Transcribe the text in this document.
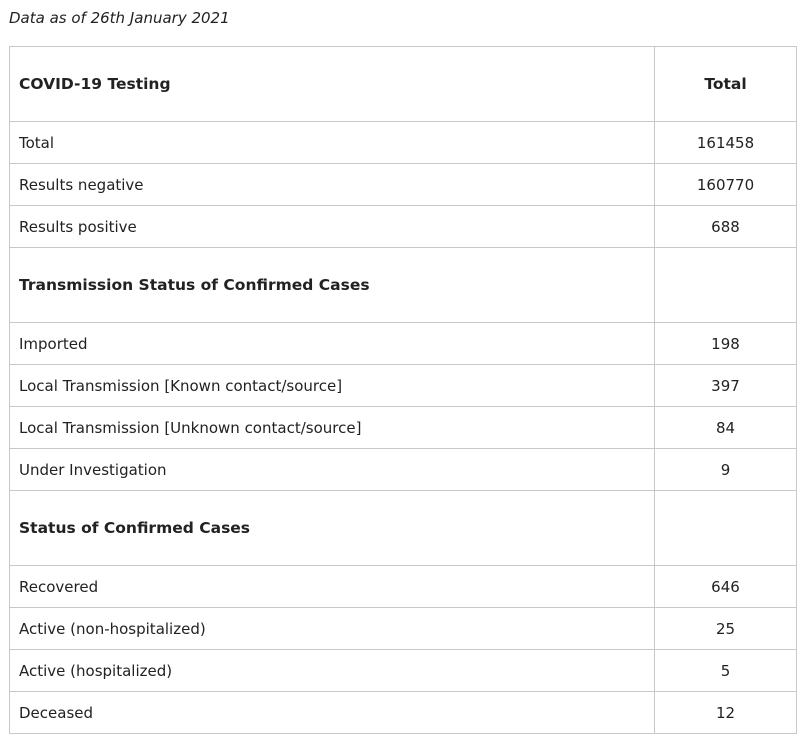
Data as of 26th January 2021

COVID-19 Testing	Total
Total	161458
Results negative	160770
Results positive	688
Transmission Status of Confirmed Cases	
Imported	198
Local Transmission [Known contact/source]	397
Local Transmission [Unknown contact/source]	84
Under Investigation	9
Status of Confirmed Cases	
Recovered	646
Active (non-hospitalized)	25
Active (hospitalized)	5
Deceased	12
